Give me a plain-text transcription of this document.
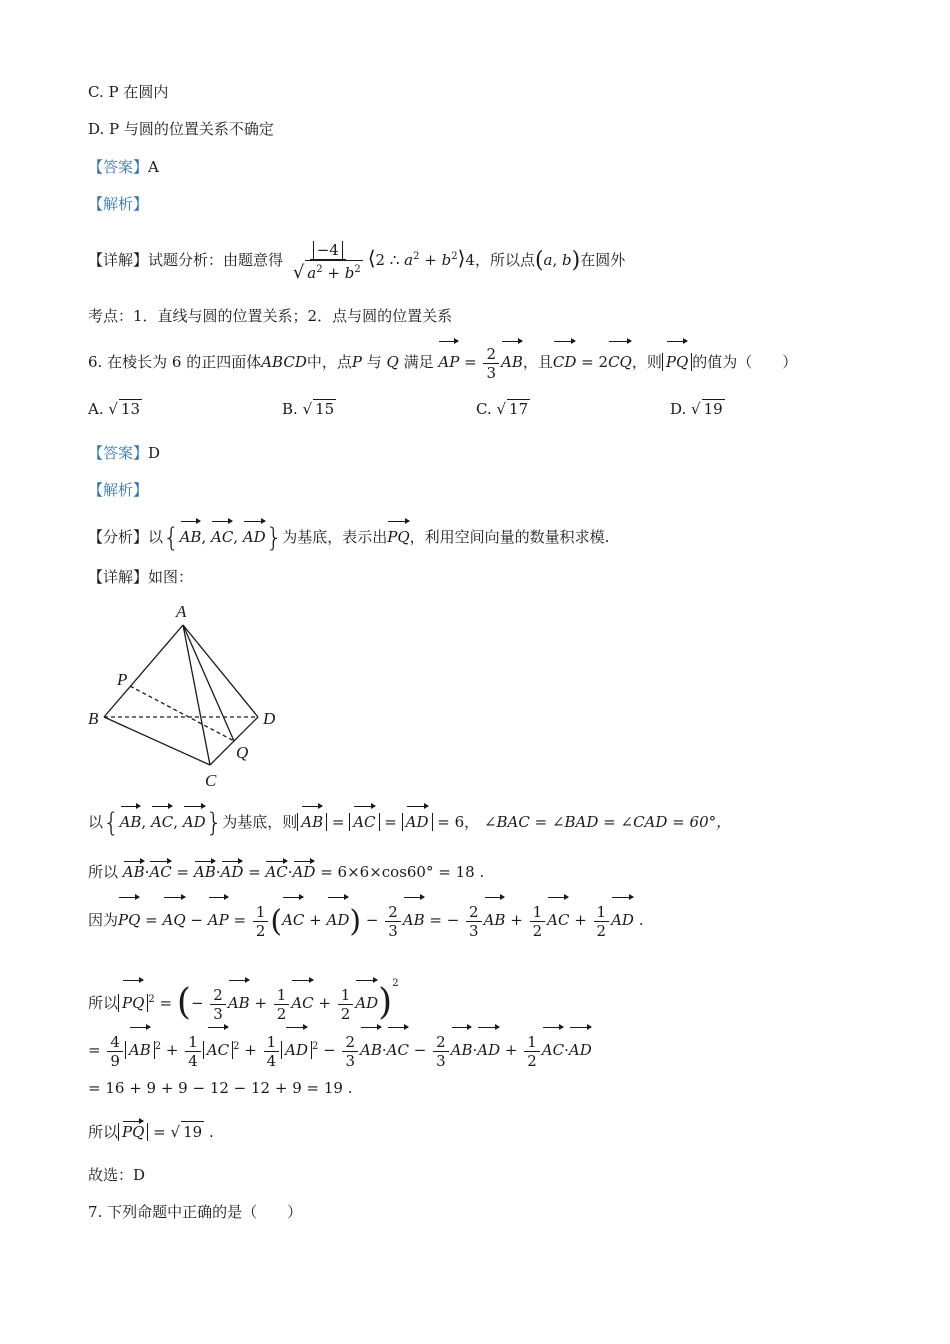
C. P 在圆内
D. P 与圆的位置关系不确定
【答案】A
【解析】
【详解】试题分析：由题意得 $\frac{-4}{√ a^2 + b^2}$ ⟨2 ∴ $a^2$ + $b^2⟩4$，所以点(a, b)在圆外
考点：1．直线与圆的位置关系；2．点与圆的位置关系
6. 在棱长为 6 的正四面体ABCD中，点P 与 Q 满足 AP = $\frac{2}{3}$ AB，且CD = 2CQ，则 PQ 的值为（　　）
A. √ 13	B. √ 15	C. √ 17	D. √ 19
【答案】D
【解析】
【分析】以{AB, AC, AD}为基底，表示出PQ，利用空间向量的数量积求模.
【详解】如图：
A
P
B	D
Q
C
以{AB, AC, AD}为基底，则 AB = AC = AD = 6， ∠BAC = ∠BAD = ∠CAD = 60°，
所以 AB·AC = AB·AD = AC·AD = 6×6×cos60° = 18 .
因为PQ = AQ − AP = $\frac{1}{2} (AC + AD) - \frac{2}{3}$ AB = − $\frac{2}{3}$ AB + $\frac{1}{2}$ AC + $\frac{1}{2}$ AD .
所以 PQ $^2$ = (− $\frac{2}{3}$ AB + $\frac{1}{2}$ AC + $\frac{1}{2} AD)^2$
= $\frac{4}{9}$ AB $^2 + \frac{1}{4}$ AC $^2 + \frac{1}{4}$ AD $^2 - \frac{2}{3} AB\cdot AC - \frac{2}{3} AB\cdot AD + \frac{1}{2} AC\cdot AD$
= 16 + 9 + 9 − 12 − 12 + 9 = 19 .
所以 PQ = √ 19 .
故选：D
7. 下列命题中正确的是（　　）
